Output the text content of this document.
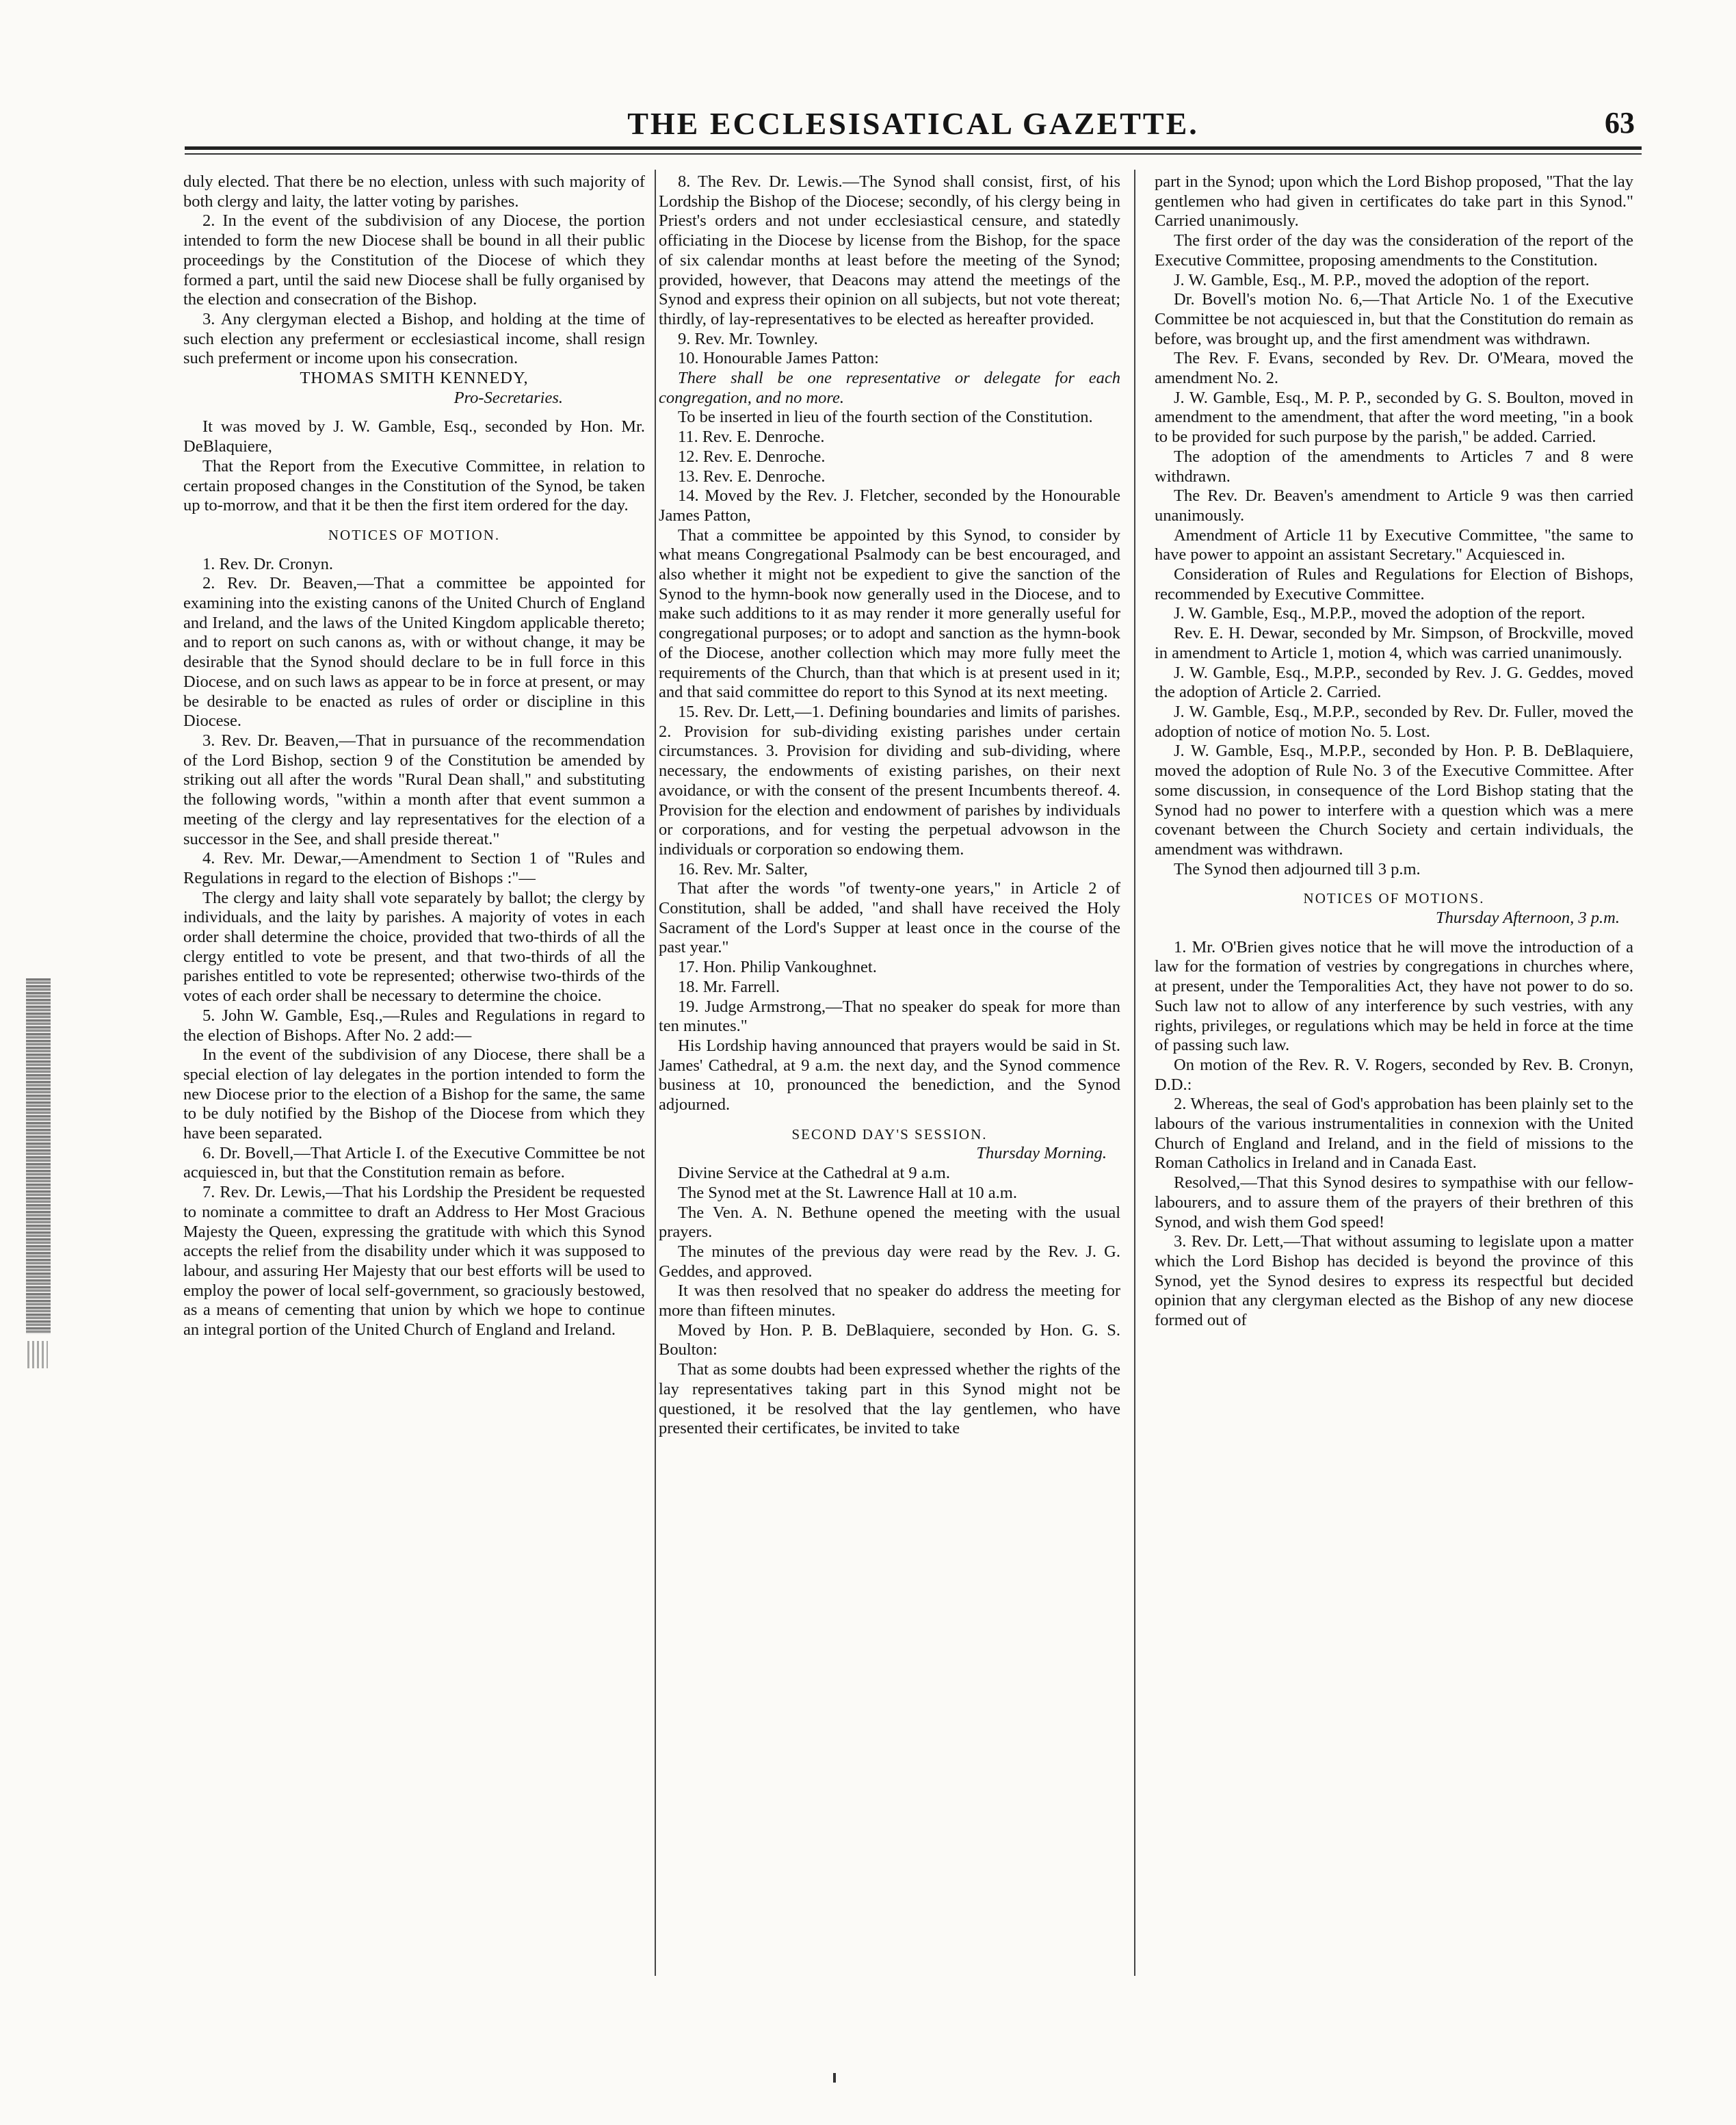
THE ECCLESISATICAL GAZETTE.	63

duly elected. That there be no election, unless with such majority of both clergy and laity, the latter voting by parishes.

2. In the event of the subdivision of any Diocese, the portion intended to form the new Diocese shall be bound in all their public proceedings by the Constitution of the Diocese of which they formed a part, until the said new Diocese shall be fully organised by the election and consecration of the Bishop.

3. Any clergyman elected a Bishop, and holding at the time of such election any preferment or ecclesiastical income, shall resign such preferment or income upon his consecration.

THOMAS SMITH KENNEDY,

Pro-Secretaries.

It was moved by J. W. Gamble, Esq., seconded by Hon. Mr. DeBlaquiere,

That the Report from the Executive Committee, in relation to certain proposed changes in the Constitution of the Synod, be taken up to-morrow, and that it be then the first item ordered for the day.

NOTICES OF MOTION.

1. Rev. Dr. Cronyn.

2. Rev. Dr. Beaven,—That a committee be appointed for examining into the existing canons of the United Church of England and Ireland, and the laws of the United Kingdom applicable thereto; and to report on such canons as, with or without change, it may be desirable that the Synod should declare to be in full force in this Diocese, and on such laws as appear to be in force at present, or may be desirable to be enacted as rules of order or discipline in this Diocese.

3. Rev. Dr. Beaven,—That in pursuance of the recommendation of the Lord Bishop, section 9 of the Constitution be amended by striking out all after the words "Rural Dean shall," and substituting the following words, "within a month after that event summon a meeting of the clergy and lay representatives for the election of a successor in the See, and shall preside thereat."

4. Rev. Mr. Dewar,—Amendment to Section 1 of "Rules and Regulations in regard to the election of Bishops :"—

The clergy and laity shall vote separately by ballot; the clergy by individuals, and the laity by parishes. A majority of votes in each order shall determine the choice, provided that two-thirds of all the clergy entitled to vote be present, and that two-thirds of all the parishes entitled to vote be represented; otherwise two-thirds of the votes of each order shall be necessary to determine the choice.

5. John W. Gamble, Esq.,—Rules and Regulations in regard to the election of Bishops. After No. 2 add:—

In the event of the subdivision of any Diocese, there shall be a special election of lay delegates in the portion intended to form the new Diocese prior to the election of a Bishop for the same, the same to be duly notified by the Bishop of the Diocese from which they have been separated.

6. Dr. Bovell,—That Article I. of the Executive Committee be not acquiesced in, but that the Constitution remain as before.

7. Rev. Dr. Lewis,—That his Lordship the President be requested to nominate a committee to draft an Address to Her Most Gracious Majesty the Queen, expressing the gratitude with which this Synod accepts the relief from the disability under which it was supposed to labour, and assuring Her Majesty that our best efforts will be used to employ the power of local self-government, so graciously bestowed, as a means of cementing that union by which we hope to continue an integral portion of the United Church of England and Ireland.

8. The Rev. Dr. Lewis.—The Synod shall consist, first, of his Lordship the Bishop of the Diocese; secondly, of his clergy being in Priest's orders and not under ecclesiastical censure, and statedly officiating in the Diocese by license from the Bishop, for the space of six calendar months at least before the meeting of the Synod; provided, however, that Deacons may attend the meetings of the Synod and express their opinion on all subjects, but not vote thereat; thirdly, of lay-representatives to be elected as hereafter provided.

9. Rev. Mr. Townley.

10. Honourable James Patton:

There shall be one representative or delegate for each congregation, and no more.

To be inserted in lieu of the fourth section of the Constitution.

11. Rev. E. Denroche.

12. Rev. E. Denroche.

13. Rev. E. Denroche.

14. Moved by the Rev. J. Fletcher, seconded by the Honourable James Patton,

That a committee be appointed by this Synod, to consider by what means Congregational Psalmody can be best encouraged, and also whether it might not be expedient to give the sanction of the Synod to the hymn-book now generally used in the Diocese, and to make such additions to it as may render it more generally useful for congregational purposes; or to adopt and sanction as the hymn-book of the Diocese, another collection which may more fully meet the requirements of the Church, than that which is at present used in it; and that said committee do report to this Synod at its next meeting.

15. Rev. Dr. Lett,—1. Defining boundaries and limits of parishes. 2. Provision for sub-dividing existing parishes under certain circumstances. 3. Provision for dividing and sub-dividing, where necessary, the endowments of existing parishes, on their next avoidance, or with the consent of the present Incumbents thereof. 4. Provision for the election and endowment of parishes by individuals or corporations, and for vesting the perpetual advowson in the individuals or corporation so endowing them.

16. Rev. Mr. Salter,

That after the words "of twenty-one years," in Article 2 of Constitution, shall be added, "and shall have received the Holy Sacrament of the Lord's Supper at least once in the course of the past year."

17. Hon. Philip Vankoughnet.

18. Mr. Farrell.

19. Judge Armstrong,—That no speaker do speak for more than ten minutes."

His Lordship having announced that prayers would be said in St. James' Cathedral, at 9 a.m. the next day, and the Synod commence business at 10, pronounced the benediction, and the Synod adjourned.

SECOND DAY'S SESSION.

Thursday Morning.

Divine Service at the Cathedral at 9 a.m.

The Synod met at the St. Lawrence Hall at 10 a.m.

The Ven. A. N. Bethune opened the meeting with the usual prayers.

The minutes of the previous day were read by the Rev. J. G. Geddes, and approved.

It was then resolved that no speaker do address the meeting for more than fifteen minutes.

Moved by Hon. P. B. DeBlaquiere, seconded by Hon. G. S. Boulton:

That as some doubts had been expressed whether the rights of the lay representatives taking part in this Synod might not be questioned, it be resolved that the lay gentlemen, who have presented their certificates, be invited to take

part in the Synod; upon which the Lord Bishop proposed, "That the lay gentlemen who had given in certificates do take part in this Synod." Carried unanimously.

The first order of the day was the consideration of the report of the Executive Committee, proposing amendments to the Constitution.

J. W. Gamble, Esq., M. P.P., moved the adoption of the report.

Dr. Bovell's motion No. 6,—That Article No. 1 of the Executive Committee be not acquiesced in, but that the Constitution do remain as before, was brought up, and the first amendment was withdrawn.

The Rev. F. Evans, seconded by Rev. Dr. O'Meara, moved the amendment No. 2.

J. W. Gamble, Esq., M. P. P., seconded by G. S. Boulton, moved in amendment to the amendment, that after the word meeting, "in a book to be provided for such purpose by the parish," be added. Carried.

The adoption of the amendments to Articles 7 and 8 were withdrawn.

The Rev. Dr. Beaven's amendment to Article 9 was then carried unanimously.

Amendment of Article 11 by Executive Committee, "the same to have power to appoint an assistant Secretary." Acquiesced in.

Consideration of Rules and Regulations for Election of Bishops, recommended by Executive Committee.

J. W. Gamble, Esq., M.P.P., moved the adoption of the report.

Rev. E. H. Dewar, seconded by Mr. Simpson, of Brockville, moved in amendment to Article 1, motion 4, which was carried unanimously.

J. W. Gamble, Esq., M.P.P., seconded by Rev. J. G. Geddes, moved the adoption of Article 2. Carried.

J. W. Gamble, Esq., M.P.P., seconded by Rev. Dr. Fuller, moved the adoption of notice of motion No. 5. Lost.

J. W. Gamble, Esq., M.P.P., seconded by Hon. P. B. DeBlaquiere, moved the adoption of Rule No. 3 of the Executive Committee. After some discussion, in consequence of the Lord Bishop stating that the Synod had no power to interfere with a question which was a mere covenant between the Church Society and certain individuals, the amendment was withdrawn.

The Synod then adjourned till 3 p.m.

NOTICES OF MOTIONS.

Thursday Afternoon, 3 p.m.

1. Mr. O'Brien gives notice that he will move the introduction of a law for the formation of vestries by congregations in churches where, at present, under the Temporalities Act, they have not power to do so. Such law not to allow of any interference by such vestries, with any rights, privileges, or regulations which may be held in force at the time of passing such law.

On motion of the Rev. R. V. Rogers, seconded by Rev. B. Cronyn, D.D.:

2. Whereas, the seal of God's approbation has been plainly set to the labours of the various instrumentalities in connexion with the United Church of England and Ireland, and in the field of missions to the Roman Catholics in Ireland and in Canada East.

Resolved,—That this Synod desires to sympathise with our fellow-labourers, and to assure them of the prayers of their brethren of this Synod, and wish them God speed!

3. Rev. Dr. Lett,—That without assuming to legislate upon a matter which the Lord Bishop has decided is beyond the province of this Synod, yet the Synod desires to express its respectful but decided opinion that any clergyman elected as the Bishop of any new diocese formed out of
